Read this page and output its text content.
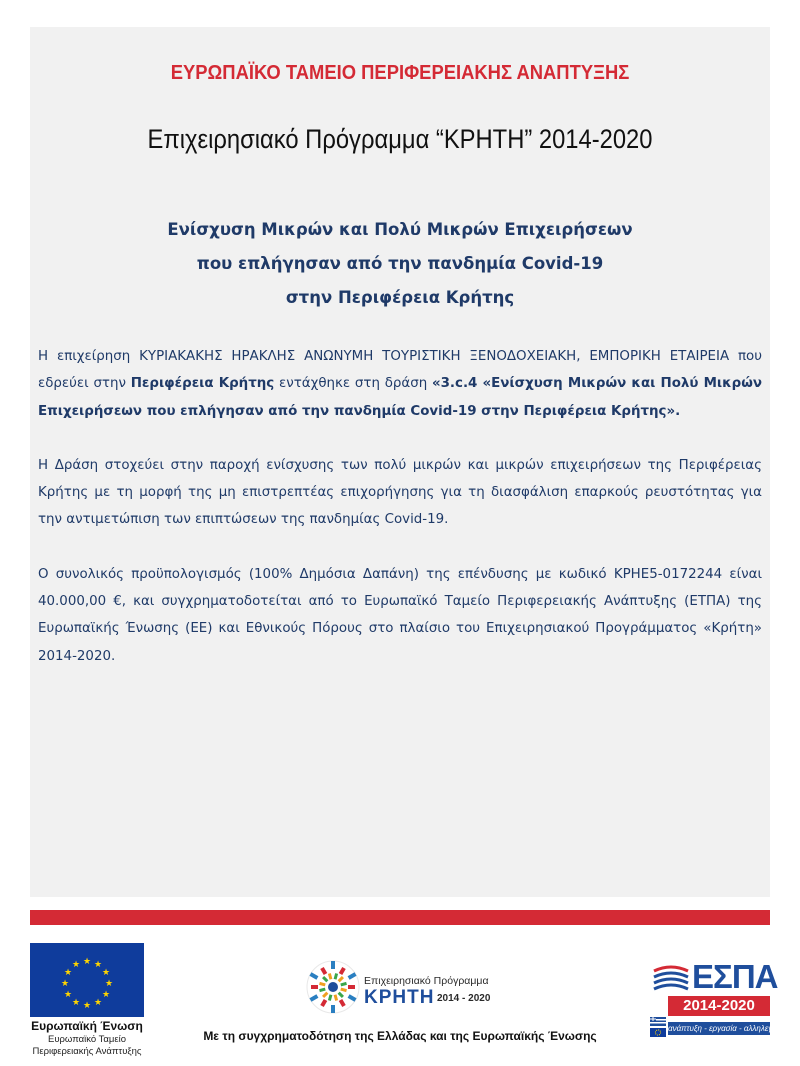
ΕΥΡΩΠΑΪΚΟ ΤΑΜΕΙΟ ΠΕΡΙΦΕΡΕΙΑΚΗΣ ΑΝΑΠΤΥΞΗΣ
Επιχειρησιακό Πρόγραμμα “ΚΡΗΤΗ” 2014-2020
Ενίσχυση Μικρών και Πολύ Μικρών Επιχειρήσεων
που επλήγησαν από την πανδημία Covid-19
στην Περιφέρεια Κρήτης

Η επιχείρηση ΚΥΡΙΑΚΑΚΗΣ ΗΡΑΚΛΗΣ ΑΝΩΝΥΜΗ ΤΟΥΡΙΣΤΙΚΗ ΞΕΝΟΔΟΧΕΙΑΚΗ, ΕΜΠΟΡΙΚΗ ΕΤΑΙΡΕΙΑ που εδρεύει στην Περιφέρεια Κρήτης εντάχθηκε στη δράση «3.c.4 «Ενίσχυση Μικρών και Πολύ Μικρών Επιχειρήσεων που επλήγησαν από την πανδημία Covid-19 στην Περιφέρεια Κρήτης».

Η Δράση στοχεύει στην παροχή ενίσχυσης των πολύ μικρών και μικρών επιχειρήσεων της Περιφέρειας Κρήτης με τη μορφή της μη επιστρεπτέας επιχορήγησης για τη διασφάλιση επαρκούς ρευστότητας για την αντιμετώπιση των επιπτώσεων της πανδημίας Covid-19.

Ο συνολικός προϋπολογισμός (100% Δημόσια Δαπάνη) της επένδυσης με κωδικό ΚΡΗΕ5-0172244 είναι 40.000,00 €, και συγχρηματοδοτείται από το Ευρωπαϊκό Ταμείο Περιφερειακής Ανάπτυξης (ΕΤΠΑ) της Ευρωπαϊκής Ένωσης (ΕΕ) και Εθνικούς Πόρους στο πλαίσιο του Επιχειρησιακού Προγράμματος «Κρήτη» 2014-2020.

★ ★
★
★
★
★
★
★
★
★
★
★
Ευρωπαϊκή Ένωση
Ευρωπαϊκό Ταμείο
Περιφερειακής Ανάπτυξης
Επιχειρησιακό Πρόγραμμα
ΚΡΗΤΗ 2014 - 2020
Με τη συγχρηματοδότηση της Ελλάδας και της Ευρωπαϊκής Ένωσης
ΕΣΠΑ
2014-2020
ανάπτυξη - εργασία - αλληλεγγύη
